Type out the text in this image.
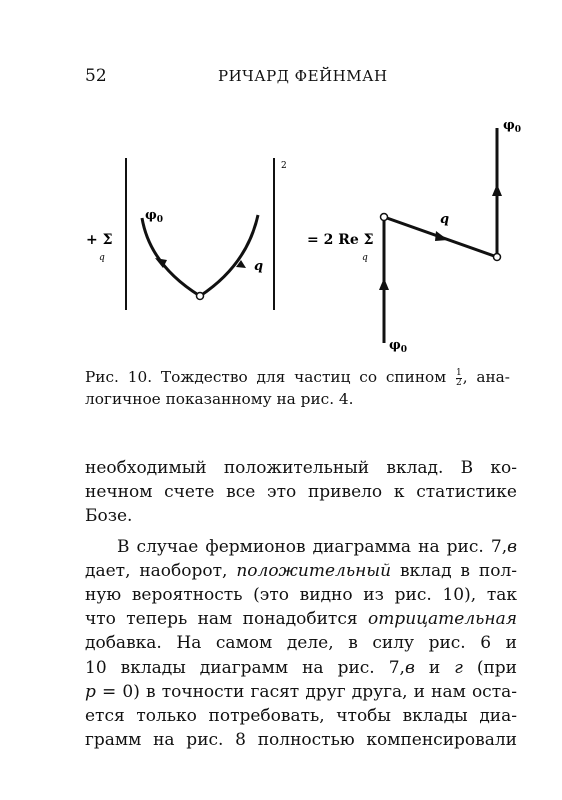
52	РИЧАРД ФЕЙНМАН
+ Σ
q
2
$\varphi_0$
q
= 2 Re Σ
q
$\varphi_0$
q
$\varphi_0$
Рис. 10. Тождество для частиц со спином $\frac{1}{2}$ , ана-
логичное показанному на рис. 4.

необходимый положительный вклад. В ко-
нечном счете все это привело к статистике
Бозе.

В случае фермионов диаграмма на рис. 7,в
дает, наоборот, положительный вклад в пол-
ную вероятность (это видно из рис. 10), так
что теперь нам понадобится отрицательная
добавка. На самом деле, в силу рис. 6 и
10 вклады диаграмм на рис. 7,в и г (при
p = 0) в точности гасят друг друга, и нам оста-
ется только потребовать, чтобы вклады диа-
грамм на рис. 8 полностью компенсировали
